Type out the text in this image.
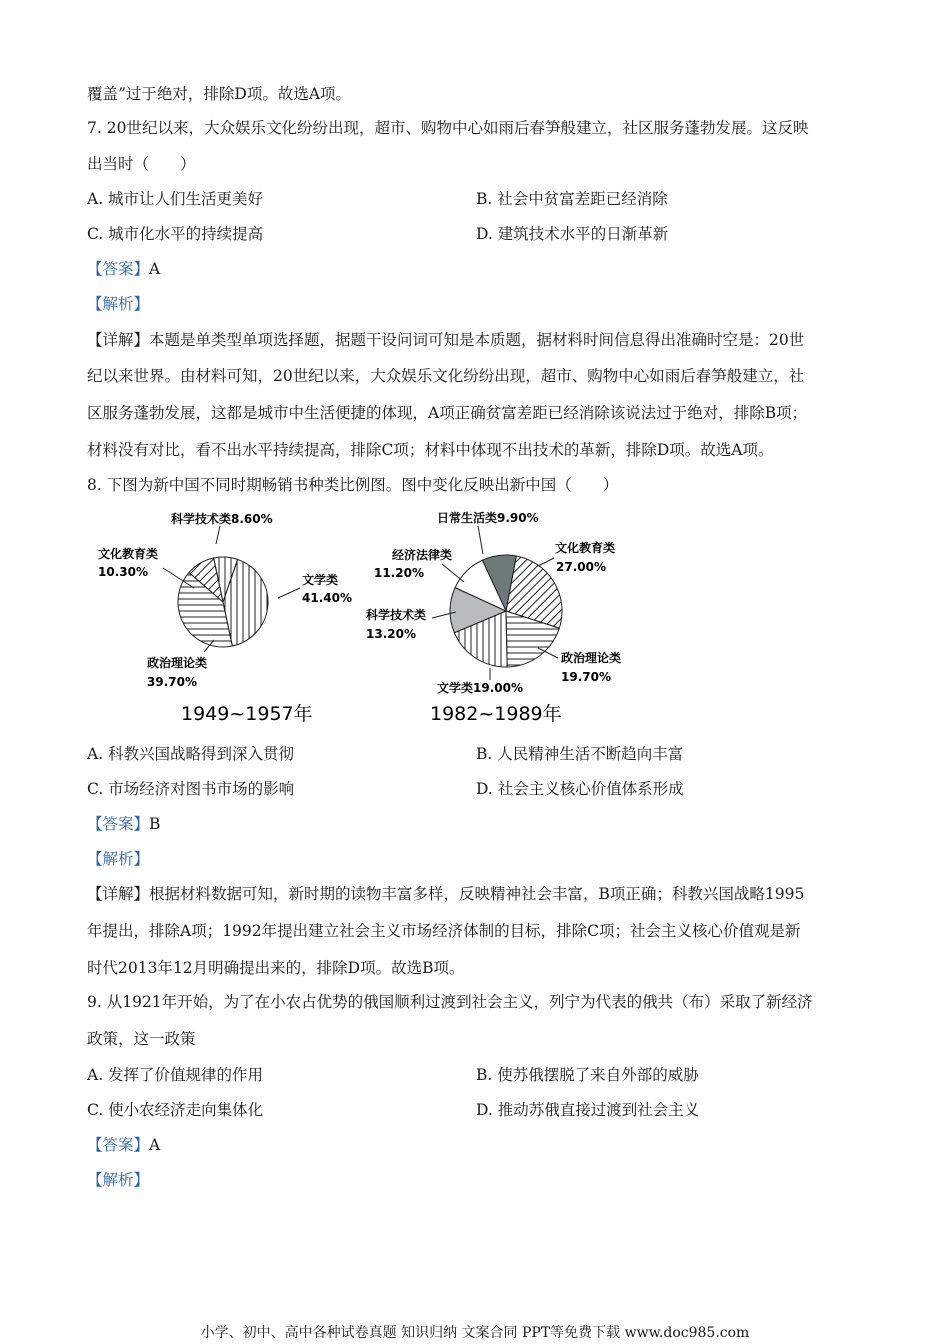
覆盖”过于绝对，排除D项。故选A项。
7. 20世纪以来，大众娱乐文化纷纷出现，超市、购物中心如雨后春笋般建立，社区服务蓬勃发展。这反映
出当时（　　）
A. 城市让人们生活更美好	B. 社会中贫富差距已经消除
C. 城市化水平的持续提高	D. 建筑技术水平的日渐革新
【答案】A
【解析】
【详解】本题是单类型单项选择题，据题干设问词可知是本质题，据材料时间信息得出准确时空是：20世
纪以来世界。由材料可知，20世纪以来，大众娱乐文化纷纷出现，超市、购物中心如雨后春笋般建立，社
区服务蓬勃发展，这都是城市中生活便捷的体现，A项正确贫富差距已经消除该说法过于绝对，排除B项；
材料没有对比，看不出水平持续提高，排除C项；材料中体现不出技术的革新，排除D项。故选A项。
8. 下图为新中国不同时期畅销书种类比例图。图中变化反映出新中国（　　）
科学技术类8.60%
文化教育类
10.30%
文学类
41.40%
政治理论类
39.70%
1949~1957年
日常生活类9.90%
经济法律类
11.20%
文化教育类
27.00%
科学技术类
13.20%
政治理论类
19.70%
文学类19.00%
1982~1989年
A. 科教兴国战略得到深入贯彻	B. 人民精神生活不断趋向丰富
C. 市场经济对图书市场的影响	D. 社会主义核心价值体系形成
【答案】B
【解析】
【详解】根据材料数据可知，新时期的读物丰富多样，反映精神社会丰富，B项正确；科教兴国战略1995
年提出，排除A项；1992年提出建立社会主义市场经济体制的目标，排除C项；社会主义核心价值观是新
时代2013年12月明确提出来的，排除D项。故选B项。
9. 从1921年开始，为了在小农占优势的俄国顺利过渡到社会主义，列宁为代表的俄共（布）采取了新经济
政策，这一政策
A. 发挥了价值规律的作用	B. 使苏俄摆脱了来自外部的威胁
C. 使小农经济走向集体化	D. 推动苏俄直接过渡到社会主义
【答案】A
【解析】
小学、初中、高中各种试卷真题 知识归纳 文案合同 PPT等免费下载 www.doc985.com
